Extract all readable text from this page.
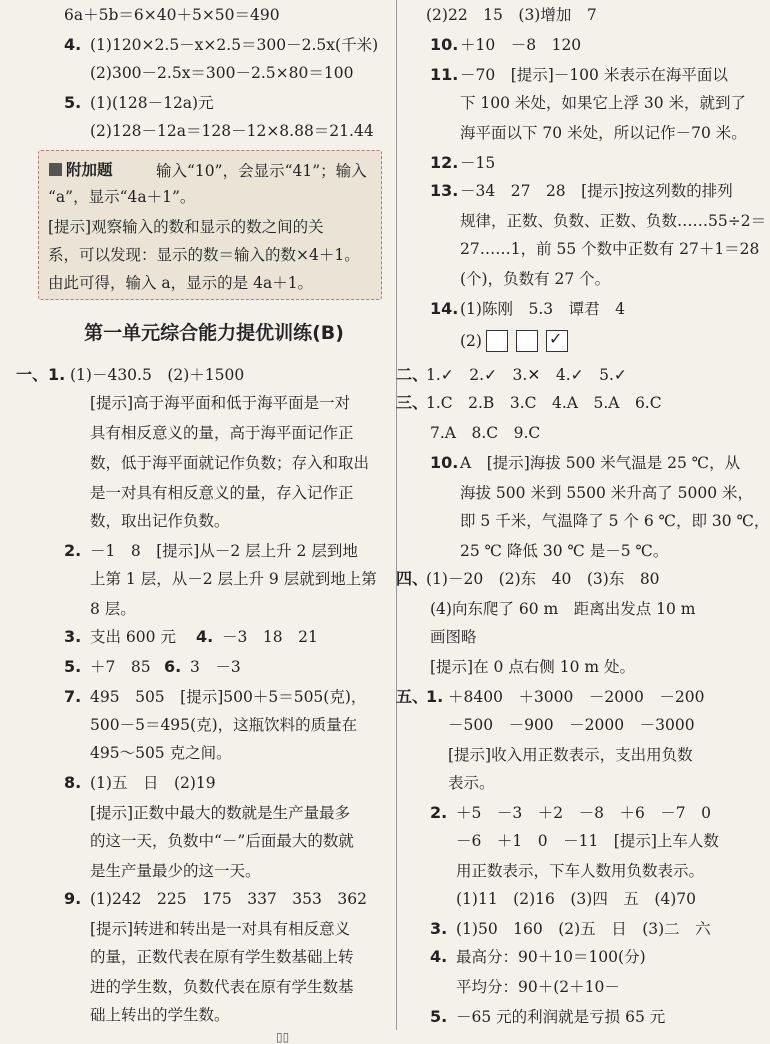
附加题
第一单元综合能力提优训练(B)
6a＋5b＝6×40＋5×50＝490
4. (1)120×2.5－x×2.5＝300－2.5x(千米)
(2)300－2.5x＝300－2.5×80＝100
5. (1)(128－12a)元
(2)128－12a＝128－12×8.88＝21.44
输入“10”，会显示“41”；输入
“a”，显示“4a＋1”。
[提示]观察输入的数和显示的数之间的关
系，可以发现：显示的数＝输入的数×4＋1。
由此可得，输入 a，显示的是 4a＋1。
一、 1. (1)－430.5　(2)＋1500
[提示]高于海平面和低于海平面是一对
具有相反意义的量，高于海平面记作正
数，低于海平面就记作负数；存入和取出
是一对具有相反意义的量，存入记作正
数，取出记作负数。
2. －1　8　[提示]从－2 层上升 2 层到地
上第 1 层，从－2 层上升 9 层就到地上第
8 层。
3. 支出 600 元 4. －3　18　21
5. ＋7　85 6. 3　－3
7. 495　505　[提示]500＋5＝505(克)，
500－5＝495(克)，这瓶饮料的质量在
495～505 克之间。
8. (1)五　日　(2)19
[提示]正数中最大的数就是生产量最多
的这一天，负数中“－”后面最大的数就
是生产量最少的这一天。
9. (1)242　225　175　337　353　362
[提示]转进和转出是一对具有相反意义
的量，正数代表在原有学生数基础上转
进的学生数，负数代表在原有学生数基
础上转出的学生数。
✓
(2)22　15　(3)增加　7
10. ＋10　－8　120
11. －70　[提示]－100 米表示在海平面以
下 100 米处，如果它上浮 30 米，就到了
海平面以下 70 米处，所以记作－70 米。
12. －15
13. －34　27　28　[提示]按这列数的排列
规律，正数、负数、正数、负数……55÷2＝
27……1，前 55 个数中正数有 27＋1＝28
(个)，负数有 27 个。
14. (1)陈刚　5.3　谭君　4
(2)
二、
1.✓　2.✓　3.✕　4.✓　5.✓
三、
1.C　2.B　3.C　4.A　5.A　6.C
7.A　8.C　9.C
10. A　[提示]海拔 500 米气温是 25 ℃，从
海拔 500 米到 5500 米升高了 5000 米，
即 5 千米，气温降了 5 个 6 ℃，即 30 ℃，
25 ℃ 降低 30 ℃ 是－5 ℃。
四、
(1)－20　(2)东　40　(3)东　80
(4)向东爬了 60 m　距离出发点 10 m
画图略
[提示]在 0 点右侧 10 m 处。
五、
1. ＋8400　＋3000　－2000　－200
－500　－900　－2000　－3000
[提示]收入用正数表示，支出用负数
表示。
2. ＋5　－3　＋2　－8　＋6　－7　0
－6　＋1　0　－11　[提示]上车人数
用正数表示，下车人数用负数表示。
(1)11　(2)16　(3)四　五　(4)70
3. (1)50　160　(2)五　日　(3)二　六
4. 最高分：90＋10＝100(分)
平均分：90＋(2＋10－
5. －65 元的利润就是亏损 65 元
▯▯
